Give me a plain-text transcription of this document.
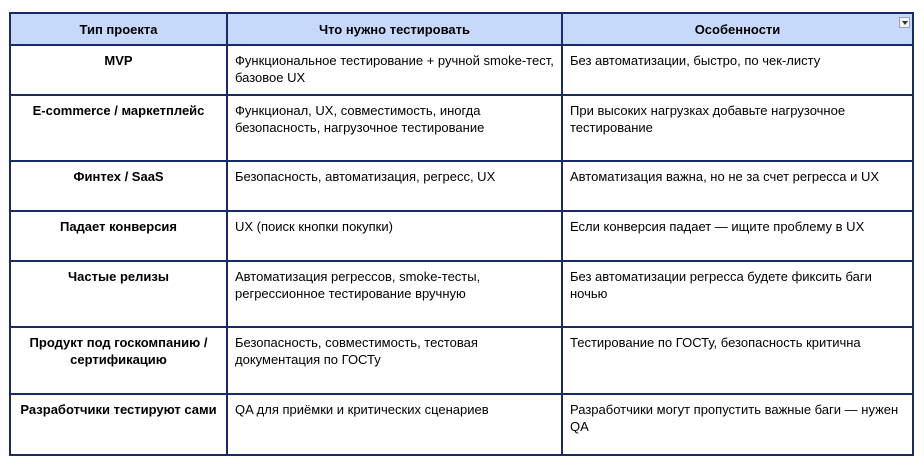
Тип проекта	Что нужно тестировать	Особенности

MVP	Функциональное тестирование + ручной smoke-тест, базовое UX	Без автоматизации, быстро, по чек-листу

E-commerce / маркетплейс	Функционал, UX, совместимость, иногда безопасность, нагрузочное тестирование	При высоких нагрузках добавьте нагрузочное тестирование

Финтех / SaaS	Безопасность, автоматизация, регресс, UX	Автоматизация важна, но не за счет регресса и UX

Падает конверсия	UX (поиск кнопки покупки)	Если конверсия падает — ищите проблему в UX

Частые релизы	Автоматизация регрессов, smoke-тесты, регрессионное тестирование вручную	Без автоматизации регресса будете фиксить баги ночью

Продукт под госкомпанию / сертификацию	Безопасность, совместимость, тестовая документация по ГОСТу	Тестирование по ГОСТу, безопасность критична

Разработчики тестируют сами	QA для приёмки и критических сценариев	Разработчики могут пропустить важные баги — нужен QA
